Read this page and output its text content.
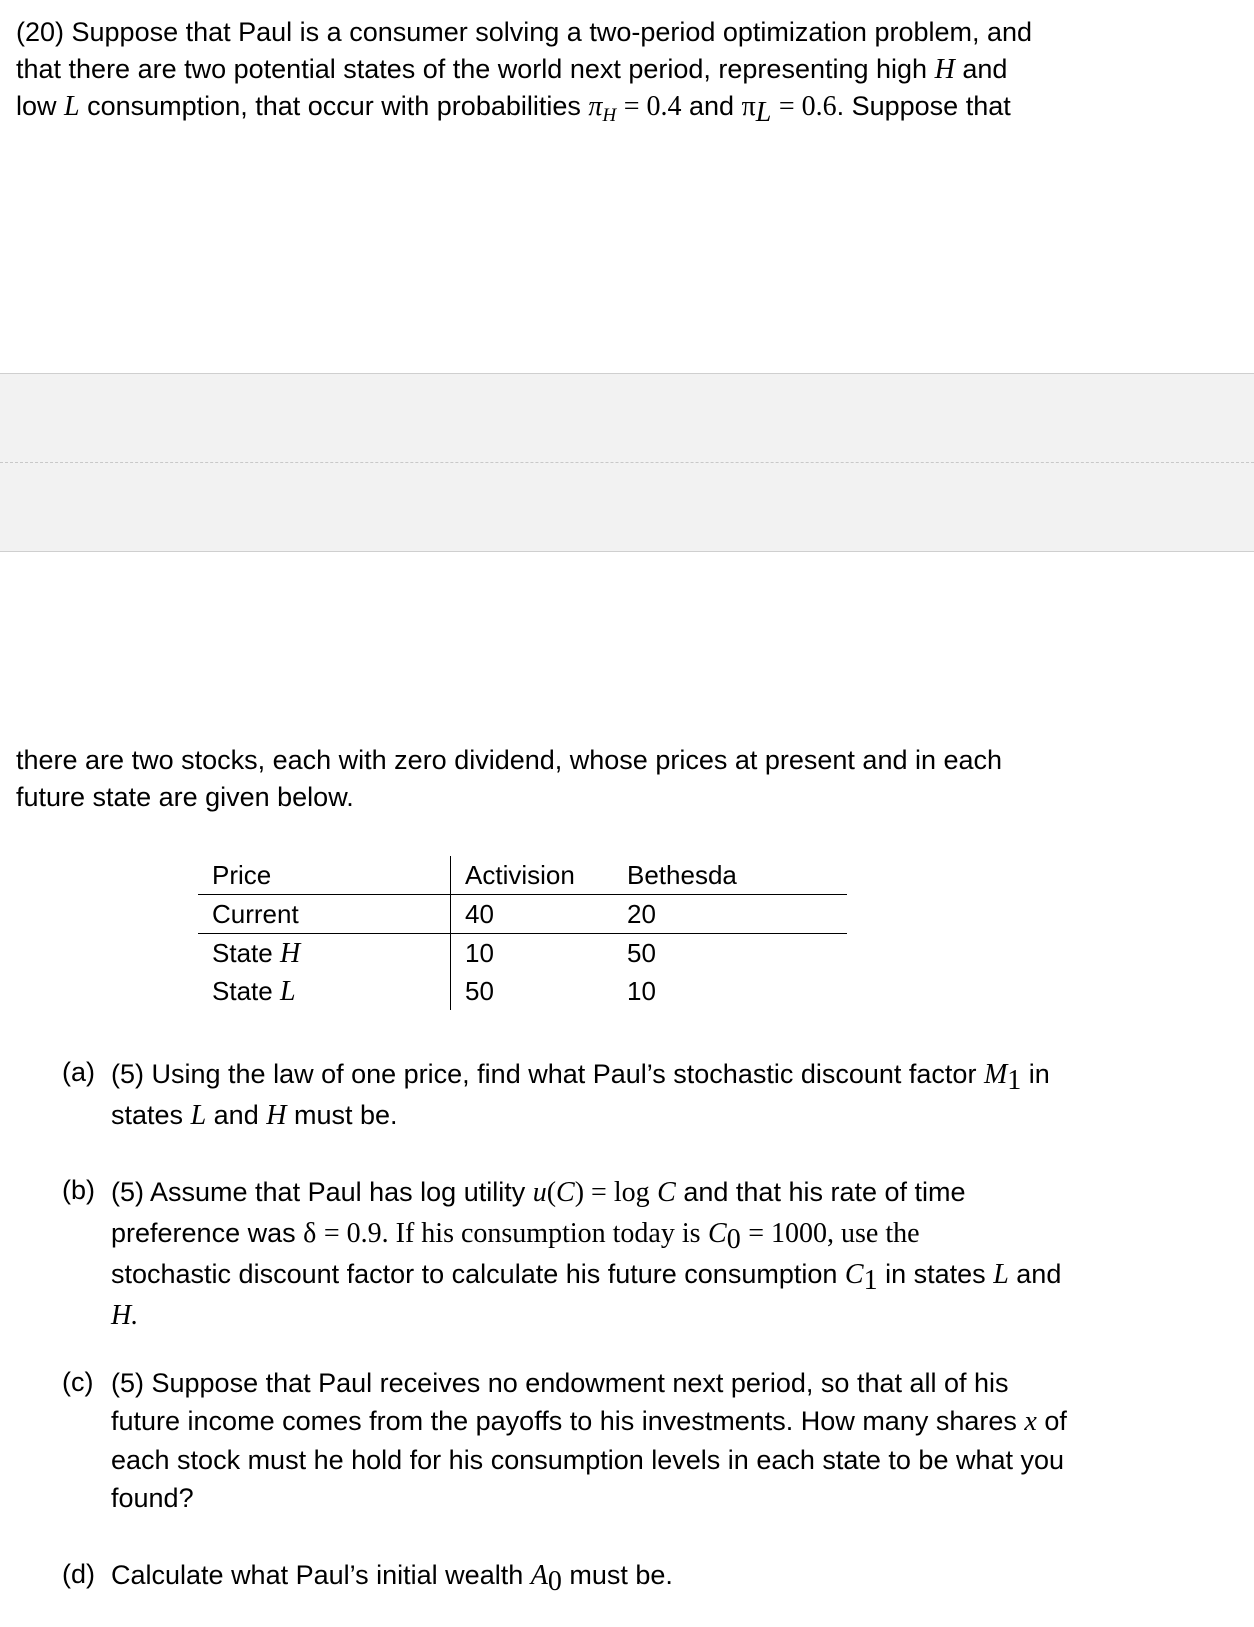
(20) Suppose that Paul is a consumer solving a two-period optimization problem, and
that there are two potential states of the world next period, representing high H and
low L consumption, that occur with probabilities $\pi_H = 0.4$ and $\pi_L = 0.6$. Suppose that
there are two stocks, each with zero dividend, whose prices at present and in each
future state are given below.
Price	Activision	Bethesda
Current	40	20
State H	10	50
State L	50	10
(a) (5) Using the law of one price, find what Paul’s stochastic discount factor $M_1$ in
states L and H must be.
(b) (5) Assume that Paul has log utility u(C) = log C and that his rate of time
preference was δ = 0.9. If his consumption today is $C_0 = 1000$, use the
stochastic discount factor to calculate his future consumption $C_1$ in states L and
H.
(c) (5) Suppose that Paul receives no endowment next period, so that all of his
future income comes from the payoffs to his investments. How many shares x of
each stock must he hold for his consumption levels in each state to be what you
found?
(d) Calculate what Paul’s initial wealth $A_0$ must be.
